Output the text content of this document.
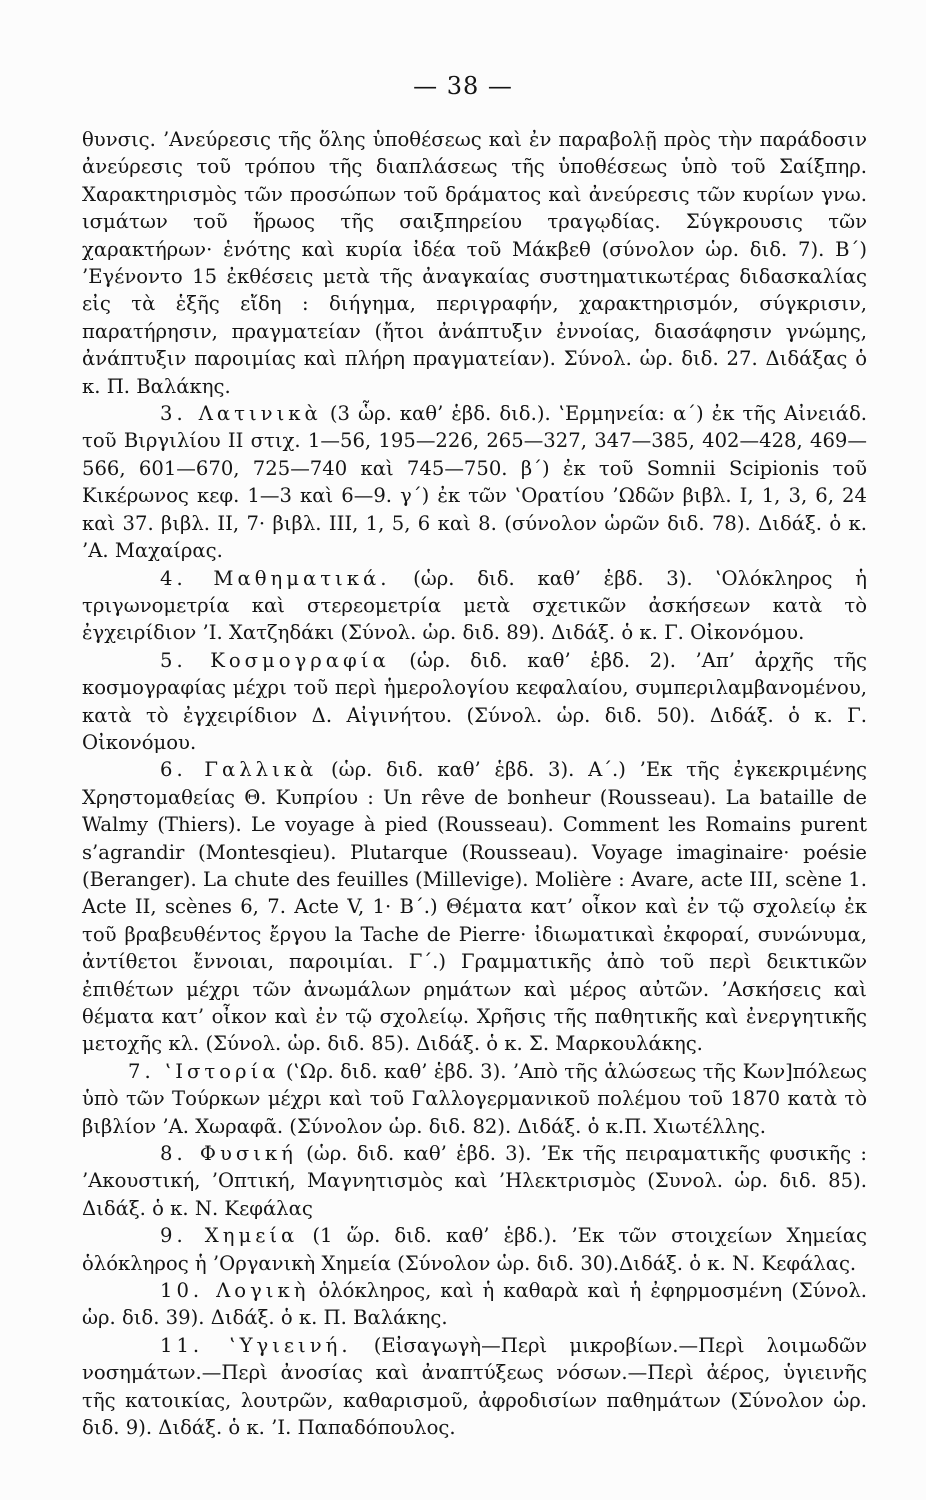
— 38 —

θυνσις. ’Ανεύρεσις τῆς ὅλης ὑποθέσεως καὶ ἐν παραβολῇ πρὸς τὴν παράδοσιν ἀνεύρεσις τοῦ τρόπου τῆς διαπλάσεως τῆς ὑποθέσεως ὑπὸ τοῦ Σαίξπηρ. Χαρακτηρισμὸς τῶν προσώπων τοῦ δράματος καὶ ἀνεύρεσις τῶν κυρίων γνω. ισμάτων τοῦ ἥρωος τῆς σαιξπηρείου τραγῳδίας. Σύγκρουσις τῶν χαρακτήρων· ἑνότης καὶ κυρία ἰδέα τοῦ Μάκβεθ (σύνολον ὡρ. διδ. 7). Β΄) ’Εγένοντο 15 ἐκθέσεις μετὰ τῆς ἀναγκαίας συστηματικωτέρας διδασκαλίας εἰς τὰ ἑξῆς εἴδη : διήγημα, περιγραφήν, χαρακτηρισμόν, σύγκρισιν, παρατήρησιν, πραγματείαν (ἤτοι ἀνάπτυξιν ἐννοίας, διασάφησιν γνώμης, ἀνάπτυξιν παροιμίας καὶ πλήρη πραγματείαν). Σύνολ. ὡρ. διδ. 27. Διδάξας ὁ κ. Π. Βαλάκης.

3. Λατινικὰ (3 ὧρ. καθ’ ἑβδ. διδ.). ‛Ερμηνεία: α΄) ἐκ τῆς Αἰνειάδ. τοῦ Βιργιλίου II στιχ. 1—56, 195—226, 265—327, 347—385, 402—428, 469—566, 601—670, 725—740 καὶ 745—750. β΄) ἐκ τοῦ Somnii Scipionis τοῦ Κικέρωνος κεφ. 1—3 καὶ 6—9. γ΄) ἐκ τῶν ‛Ορατίου ’Ωδῶν βιβλ. I, 1, 3, 6, 24 καὶ 37. βιβλ. II, 7· βιβλ. III, 1, 5, 6 καὶ 8. (σύνολον ὡρῶν διδ. 78). Διδάξ. ὁ κ. ’Α. Μαχαίρας.

4. Μαθηματικά. (ὡρ. διδ. καθ’ ἑβδ. 3). ‛Ολόκληρος ἡ τριγωνομετρία καὶ στερεομετρία μετὰ σχετικῶν ἀσκήσεων κατὰ τὸ ἐγχειρίδιον ’Ι. Χατζηδάκι (Σύνολ. ὡρ. διδ. 89). Διδάξ. ὁ κ. Γ. Οἰκονόμου.

5. Κοσμογραφία (ὡρ. διδ. καθ’ ἑβδ. 2). ’Απ’ ἀρχῆς τῆς κοσμογραφίας μέχρι τοῦ περὶ ἡμερολογίου κεφαλαίου, συμπεριλαμβανομένου, κατὰ τὸ ἐγχειρίδιον Δ. Αἰγινήτου. (Σύνολ. ὡρ. διδ. 50). Διδάξ. ὁ κ. Γ. Οἰκονόμου.

6. Γαλλικὰ (ὡρ. διδ. καθ’ ἑβδ. 3). Α΄.) ’Εκ τῆς ἐγκεκριμένης Χρηστομαθείας Θ. Κυπρίου : Un rêve de bonheur (Rousseau). La bataille de Walmy (Thiers). Le voyage à pied (Rousseau). Comment les Romains purent s’agrandir (Montesqieu). Plutarque (Rousseau). Voyage imaginaire· poésie (Beranger). La chute des feuilles (Millevige). Molière : Avare, acte III, scène 1. Acte II, scènes 6, 7. Acte V, 1· Β΄.) Θέματα κατ’ οἶκον καὶ ἐν τῷ σχολείῳ ἐκ τοῦ βραβευθέντος ἔργου la Tache de Pierre· ἰδιωματικαὶ ἐκφοραί, συνώνυμα, ἀντίθετοι ἔννοιαι, παροιμίαι. Γ΄.) Γραμματικῆς ἀπὸ τοῦ περὶ δεικτικῶν ἐπιθέτων μέχρι τῶν ἀνωμάλων ρημάτων καὶ μέρος αὐτῶν. ’Ασκήσεις καὶ θέματα κατ’ οἶκον καὶ ἐν τῷ σχολείῳ. Χρῆσις τῆς παθητικῆς καὶ ἐνεργητικῆς μετοχῆς κλ. (Σύνολ. ὡρ. διδ. 85). Διδάξ. ὁ κ. Σ. Μαρκουλάκης.

7. ‛Ιστορία (‛Ωρ. διδ. καθ’ ἑβδ. 3). ’Απὸ τῆς ἁλώσεως τῆς Κων]πόλεως ὑπὸ τῶν Τούρκων μέχρι καὶ τοῦ Γαλλογερμανικοῦ πολέμου τοῦ 1870 κατὰ τὸ βιβλίον ’Α. Χωραφᾶ. (Σύνολον ὡρ. διδ. 82). Διδάξ. ὁ κ.Π. Χιωτέλλης.

8. Φυσική (ὡρ. διδ. καθ’ ἑβδ. 3). ’Εκ τῆς πειραματικῆς φυσικῆς : ’Ακουστική, ’Οπτική, Μαγνητισμὸς καὶ ’Ηλεκτρισμὸς (Συνολ. ὡρ. διδ. 85). Διδάξ. ὁ κ. Ν. Κεφάλας

9. Χημεία (1 ὥρ. διδ. καθ’ ἑβδ.). ’Εκ τῶν στοιχείων Χημείας ὁλόκληρος ἡ ’Οργανικὴ Χημεία (Σύνολον ὡρ. διδ. 30).Διδάξ. ὁ κ. Ν. Κεφάλας.

10. Λογικὴ ὁλόκληρος, καὶ ἡ καθαρὰ καὶ ἡ ἐφηρμοσμένη (Σύνολ. ὡρ. διδ. 39). Διδάξ. ὁ κ. Π. Βαλάκης.

11. ‛Υγιεινή. (Εἰσαγωγὴ—Περὶ μικροβίων.—Περὶ λοιμωδῶν νοσημάτων.—Περὶ ἀνοσίας καὶ ἀναπτύξεως νόσων.—Περὶ ἀέρος, ὑγιεινῆς τῆς κατοικίας, λουτρῶν, καθαρισμοῦ, ἀφροδισίων παθημάτων (Σύνολον ὡρ. διδ. 9). Διδάξ. ὁ κ. ’Ι. Παπαδόπουλος.
